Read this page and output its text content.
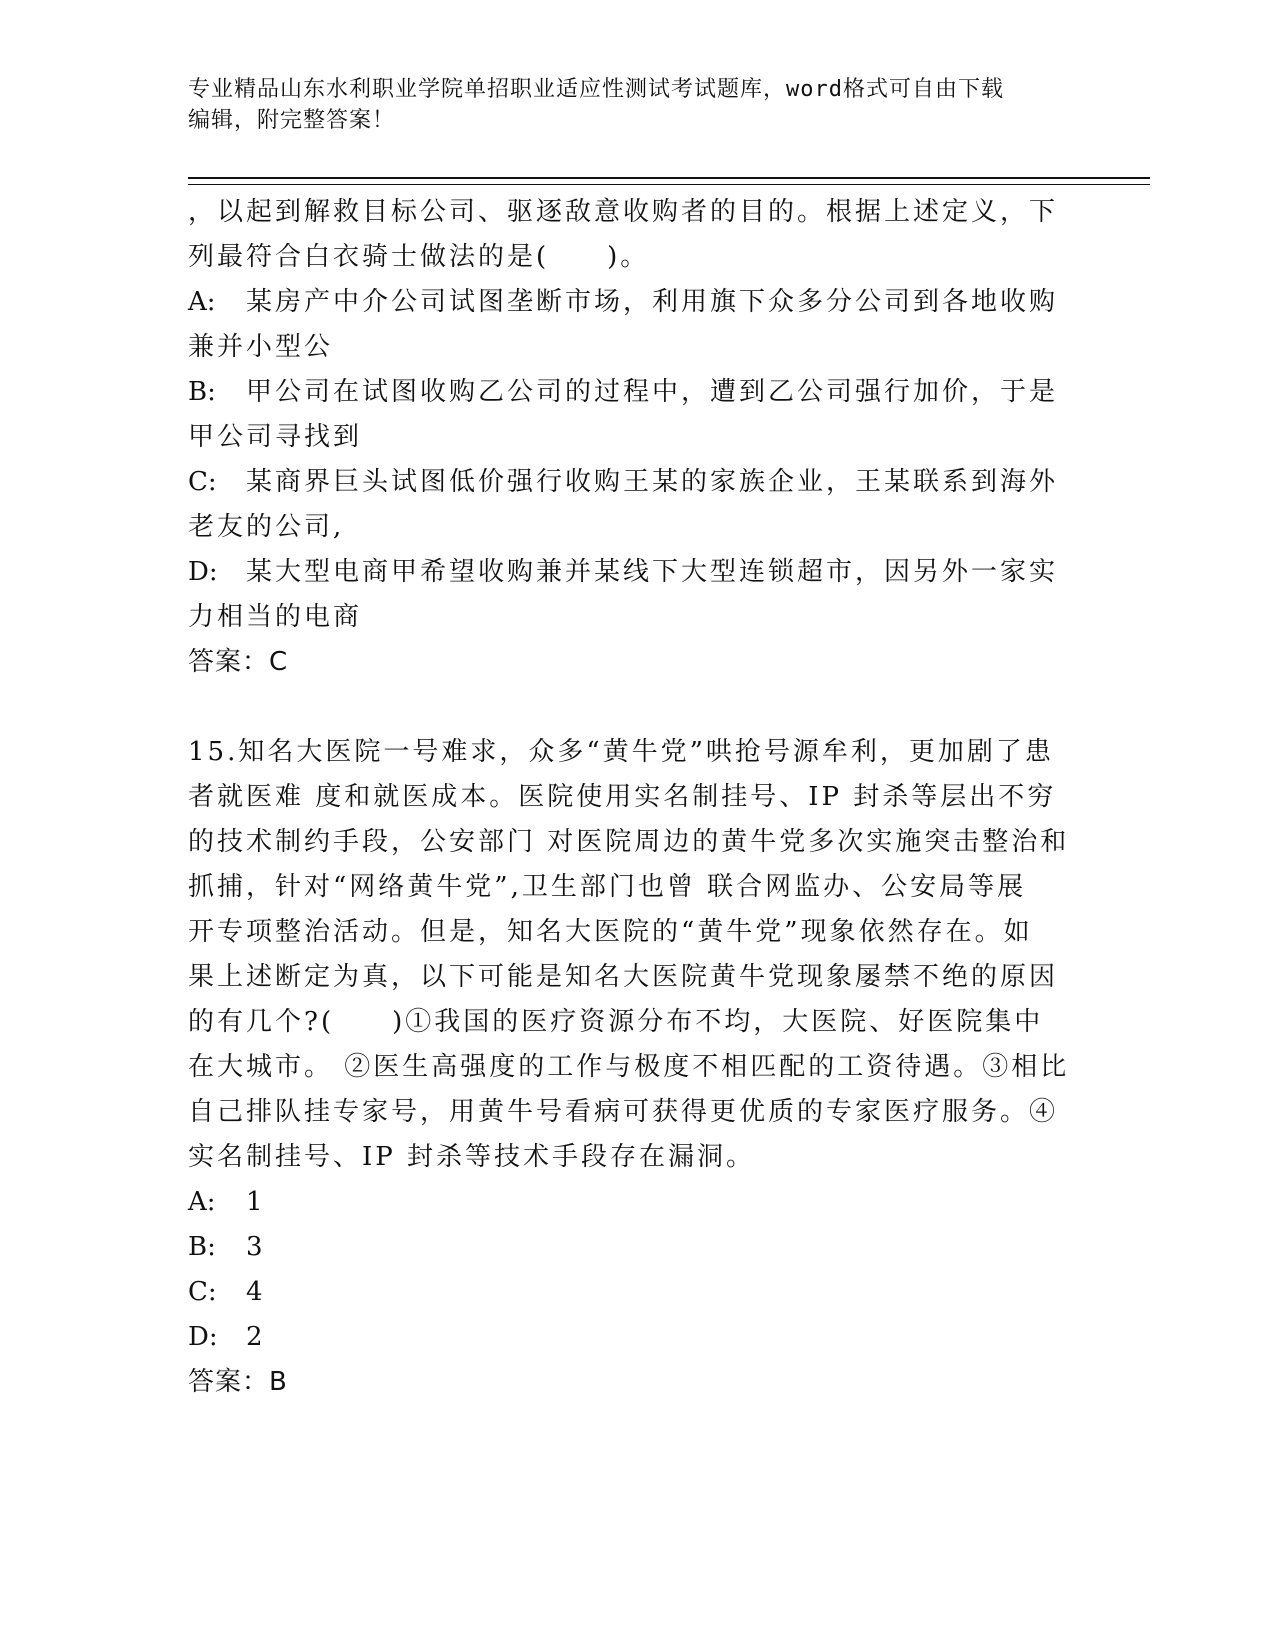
专业精品山东水利职业学院单招职业适应性测试考试题库，word格式可自由下载
编辑，附完整答案！
，以起到解救目标公司、驱逐敌意收购者的目的。根据上述定义，下
列最符合白衣骑士做法的是(　　)。
A: 某房产中介公司试图垄断市场，利用旗下众多分公司到各地收购
兼并小型公
B: 甲公司在试图收购乙公司的过程中，遭到乙公司强行加价，于是
甲公司寻找到
C: 某商界巨头试图低价强行收购王某的家族企业，王某联系到海外
老友的公司,
D: 某大型电商甲希望收购兼并某线下大型连锁超市，因另外一家实
力相当的电商
答案：C
15.知名大医院一号难求，众多“黄牛党”哄抢号源牟利，更加剧了患
者就医难 度和就医成本。医院使用实名制挂号、IP 封杀等层出不穷
的技术制约手段，公安部门 对医院周边的黄牛党多次实施突击整治和
抓捕，针对“网络黄牛党”,卫生部门也曾 联合网监办、公安局等展
开专项整治活动。但是，知名大医院的“黄牛党”现象依然存在。如
果上述断定为真，以下可能是知名大医院黄牛党现象屡禁不绝的原因
的有几个?(　　)①我国的医疗资源分布不均，大医院、好医院集中
在大城市。 ②医生高强度的工作与极度不相匹配的工资待遇。③相比
自己排队挂专家号，用黄牛号看病可获得更优质的专家医疗服务。④
实名制挂号、IP 封杀等技术手段存在漏洞。
A: 1
B: 3
C: 4
D: 2
答案：B
